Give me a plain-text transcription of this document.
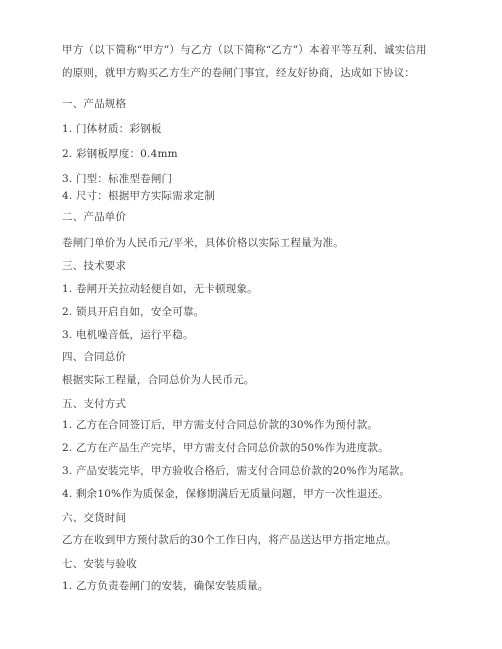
甲方（以下简称“甲方”）与乙方（以下简称“乙方”）本着平等互利、诚实信用
的原则，就甲方购买乙方生产的卷闸门事宜，经友好协商，达成如下协议：
一、产品规格
1. 门体材质：彩钢板
2. 彩钢板厚度：0.4mm
3. 门型：标准型卷闸门
4. 尺寸：根据甲方实际需求定制
二、产品单价
卷闸门单价为人民币元/平米，具体价格以实际工程量为准。
三、技术要求
1. 卷闸开关拉动轻便自如，无卡顿现象。
2. 锁具开启自如，安全可靠。
3. 电机噪音低，运行平稳。
四、合同总价
根据实际工程量，合同总价为人民币元。
五、支付方式
1. 乙方在合同签订后，甲方需支付合同总价款的30%作为预付款。
2. 乙方在产品生产完毕，甲方需支付合同总价款的50%作为进度款。
3. 产品安装完毕，甲方验收合格后，需支付合同总价款的20%作为尾款。
4. 剩余10%作为质保金，保修期满后无质量问题，甲方一次性退还。
六、交货时间
乙方在收到甲方预付款后的30个工作日内，将产品送达甲方指定地点。
七、安装与验收
1. 乙方负责卷闸门的安装，确保安装质量。
